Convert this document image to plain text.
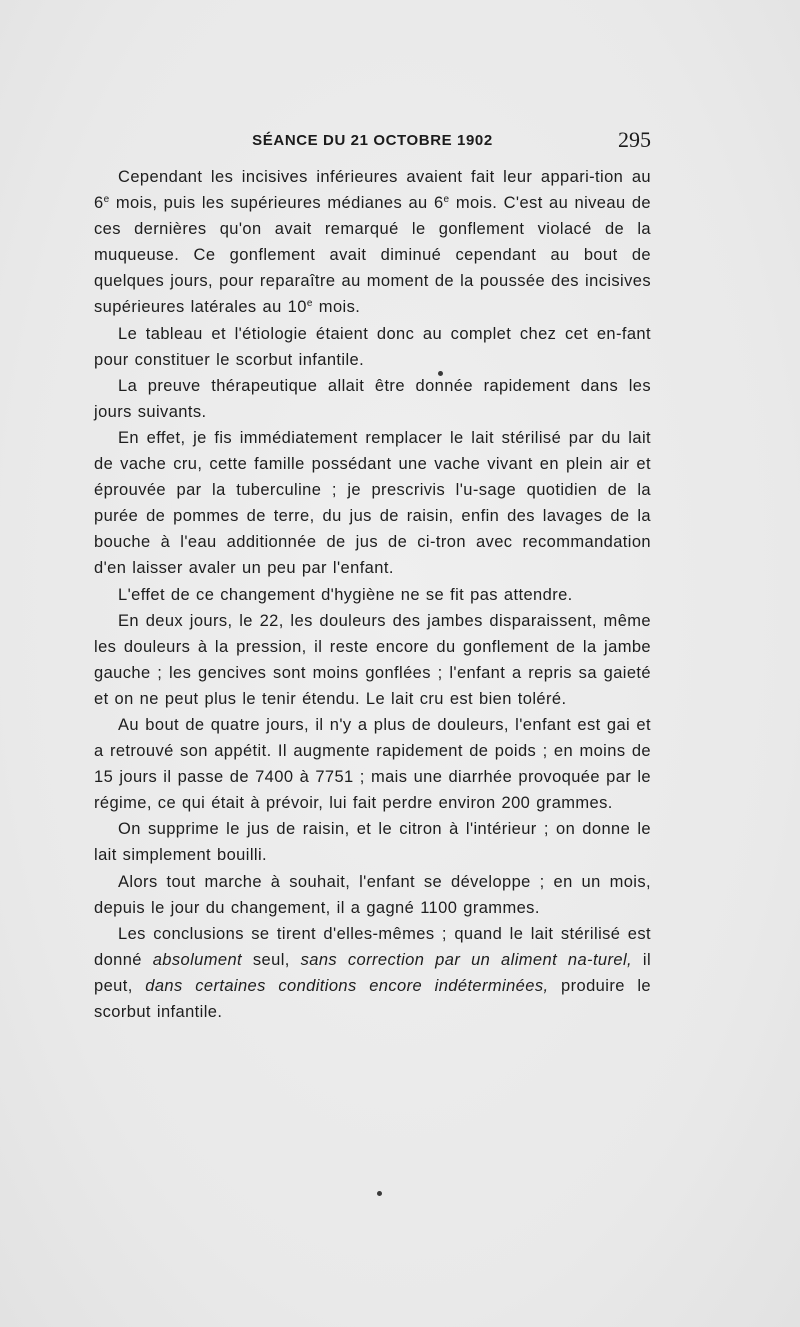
SÉANCE DU 21 OCTOBRE 1902	295

Cependant les incisives inférieures avaient fait leur appari-tion au 6e mois, puis les supérieures médianes au 6e mois. C'est au niveau de ces dernières qu'on avait remarqué le gonflement violacé de la muqueuse. Ce gonflement avait diminué cependant au bout de quelques jours, pour reparaître au moment de la poussée des incisives supérieures latérales au 10e mois.

Le tableau et l'étiologie étaient donc au complet chez cet en-fant pour constituer le scorbut infantile.

La preuve thérapeutique allait être donnée rapidement dans les jours suivants.

En effet, je fis immédiatement remplacer le lait stérilisé par du lait de vache cru, cette famille possédant une vache vivant en plein air et éprouvée par la tuberculine ; je prescrivis l'u-sage quotidien de la purée de pommes de terre, du jus de raisin, enfin des lavages de la bouche à l'eau additionnée de jus de ci-tron avec recommandation d'en laisser avaler un peu par l'enfant.

L'effet de ce changement d'hygiène ne se fit pas attendre.

En deux jours, le 22, les douleurs des jambes disparaissent, même les douleurs à la pression, il reste encore du gonflement de la jambe gauche ; les gencives sont moins gonflées ; l'enfant a repris sa gaieté et on ne peut plus le tenir étendu. Le lait cru est bien toléré.

Au bout de quatre jours, il n'y a plus de douleurs, l'enfant est gai et a retrouvé son appétit. Il augmente rapidement de poids ; en moins de 15 jours il passe de 7400 à 7751 ; mais une diarrhée provoquée par le régime, ce qui était à prévoir, lui fait perdre environ 200 grammes.

On supprime le jus de raisin, et le citron à l'intérieur ; on donne le lait simplement bouilli.

Alors tout marche à souhait, l'enfant se développe ; en un mois, depuis le jour du changement, il a gagné 1100 grammes.

Les conclusions se tirent d'elles-mêmes ; quand le lait stérilisé est donné absolument seul, sans correction par un aliment na-turel, il peut, dans certaines conditions encore indéterminées, produire le scorbut infantile.
